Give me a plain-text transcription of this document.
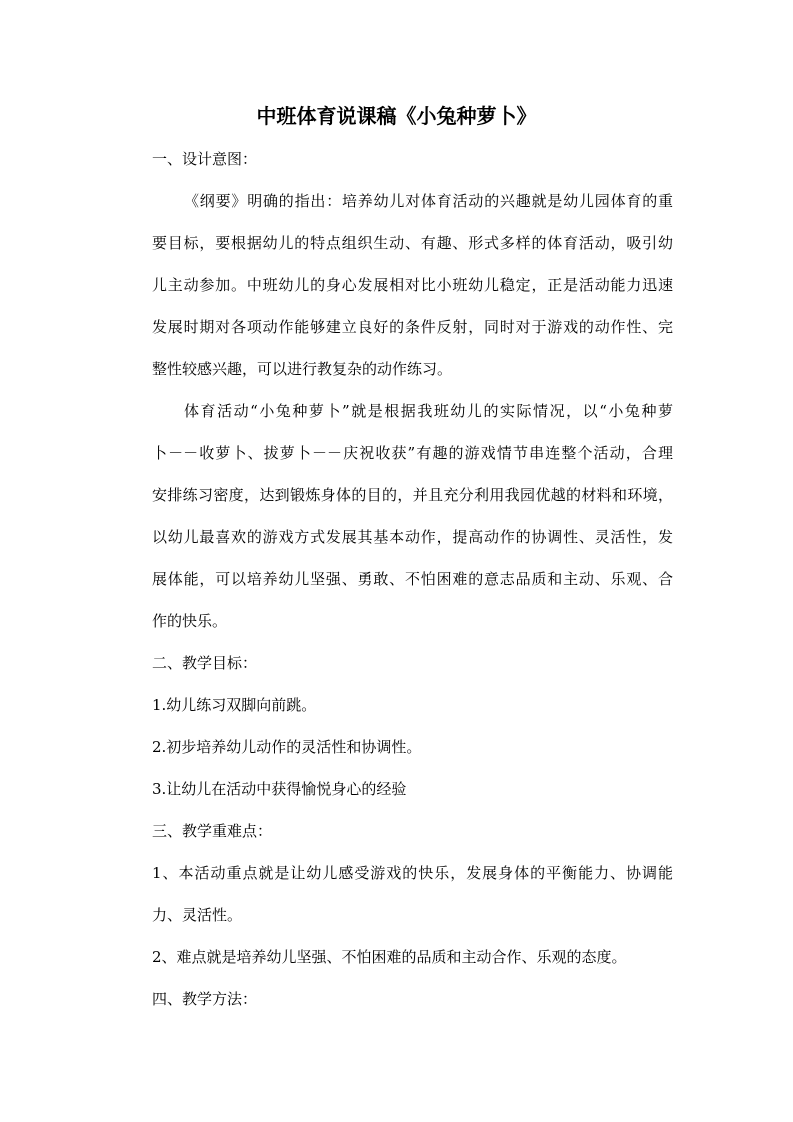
中班体育说课稿《小兔种萝卜》
一、设计意图：
《纲要》明确的指出：培养幼儿对体育活动的兴趣就是幼儿园体育的重
要目标，要根据幼儿的特点组织生动、有趣、形式多样的体育活动，吸引幼
儿主动参加。中班幼儿的身心发展相对比小班幼儿稳定，正是活动能力迅速
发展时期对各项动作能够建立良好的条件反射，同时对于游戏的动作性、完
整性较感兴趣，可以进行教复杂的动作练习。
体育活动“小兔种萝卜”就是根据我班幼儿的实际情况，以“小兔种萝
卜－－收萝卜、拔萝卜－－庆祝收获”有趣的游戏情节串连整个活动，合理
安排练习密度，达到锻炼身体的目的，并且充分利用我园优越的材料和环境，
以幼儿最喜欢的游戏方式发展其基本动作，提高动作的协调性、灵活性，发
展体能，可以培养幼儿坚强、勇敢、不怕困难的意志品质和主动、乐观、合
作的快乐。
二、教学目标：
1.幼儿练习双脚向前跳。
2.初步培养幼儿动作的灵活性和协调性。
3.让幼儿在活动中获得愉悦身心的经验
三、教学重难点：
1、本活动重点就是让幼儿感受游戏的快乐，发展身体的平衡能力、协调能
力、灵活性。
2、难点就是培养幼儿坚强、不怕困难的品质和主动合作、乐观的态度。
四、教学方法：
